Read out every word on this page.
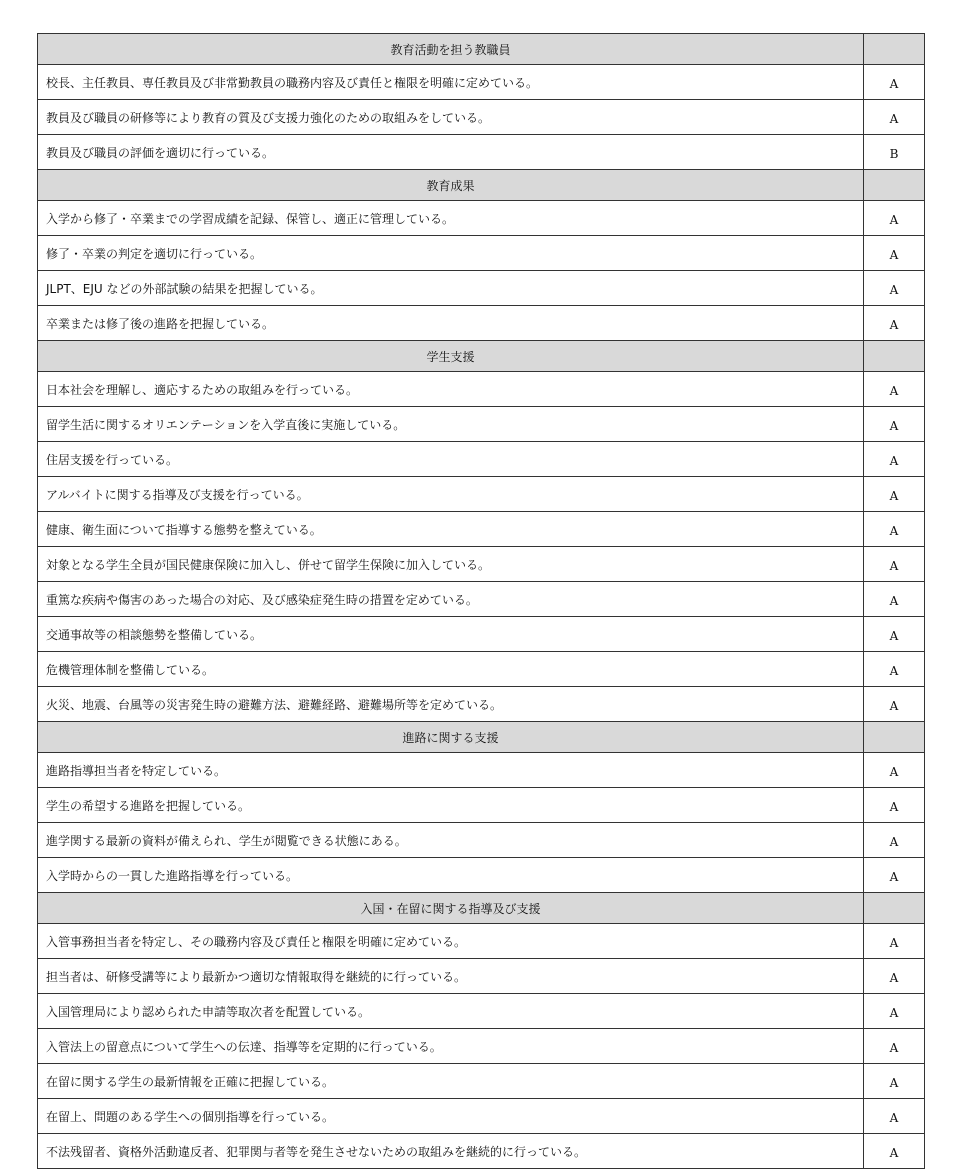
教育活動を担う教職員	
校長、主任教員、専任教員及び非常勤教員の職務内容及び責任と権限を明確に定めている。	A
教員及び職員の研修等により教育の質及び支援力強化のための取組みをしている。	A
教員及び職員の評価を適切に行っている。	B
教育成果	
入学から修了・卒業までの学習成績を記録、保管し、適正に管理している。	A
修了・卒業の判定を適切に行っている。	A
JLPT、EJU などの外部試験の結果を把握している。	A
卒業または修了後の進路を把握している。	A
学生支援	
日本社会を理解し、適応するための取組みを行っている。	A
留学生活に関するオリエンテーションを入学直後に実施している。	A
住居支援を行っている。	A
アルバイトに関する指導及び支援を行っている。	A
健康、衛生面について指導する態勢を整えている。	A
対象となる学生全員が国民健康保険に加入し、併せて留学生保険に加入している。	A
重篤な疾病や傷害のあった場合の対応、及び感染症発生時の措置を定めている。	A
交通事故等の相談態勢を整備している。	A
危機管理体制を整備している。	A
火災、地震、台風等の災害発生時の避難方法、避難経路、避難場所等を定めている。	A
進路に関する支援	
進路指導担当者を特定している。	A
学生の希望する進路を把握している。	A
進学関する最新の資料が備えられ、学生が閲覧できる状態にある。	A
入学時からの一貫した進路指導を行っている。	A
入国・在留に関する指導及び支援	
入管事務担当者を特定し、その職務内容及び責任と権限を明確に定めている。	A
担当者は、研修受講等により最新かつ適切な情報取得を継続的に行っている。	A
入国管理局により認められた申請等取次者を配置している。	A
入管法上の留意点について学生への伝達、指導等を定期的に行っている。	A
在留に関する学生の最新情報を正確に把握している。	A
在留上、問題のある学生への個別指導を行っている。	A
不法残留者、資格外活動違反者、犯罪関与者等を発生させないための取組みを継続的に行っている。	A
